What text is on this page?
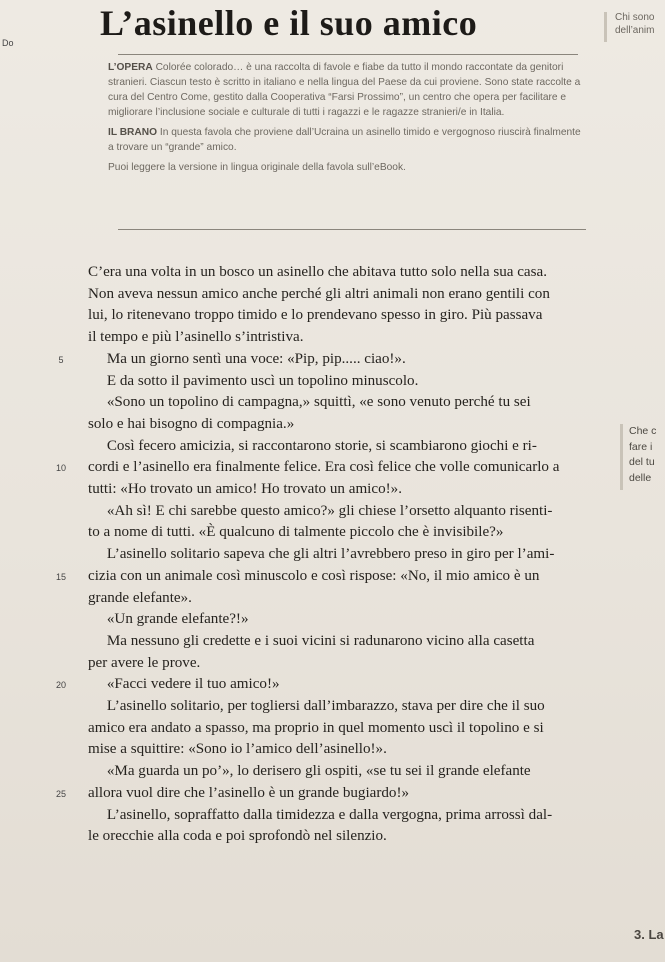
Do L’asinello e il suo amico	Chi sono
dell’anim

L’OPERA Colorée colorado… è una raccolta di favole e fiabe da tutto il mondo raccontate da genitori stranieri. Ciascun testo è scritto in italiano e nella lingua del Paese da cui proviene. Sono state raccolte a cura del Centro Come, gestito dalla Cooperativa “Farsi Prossimo”, un centro che opera per facilitare e migliorare l’inclusione sociale e culturale di tutti i ragazzi e le ragazze stranieri/e in Italia.

IL BRANO In questa favola che proviene dall’Ucraina un asinello timido e vergognoso riuscirà finalmente a trovare un “grande” amico.

Puoi leggere la versione in lingua originale della favola sull’eBook.

C’era una volta in un bosco un asinello che abitava tutto solo nella sua casa.
Non aveva nessun amico anche perché gli altri animali non erano gentili con
lui, lo ritenevano troppo timido e lo prendevano spesso in giro. Più passava
il tempo e più l’asinello s’intristiva.
5	Ma un giorno sentì una voce: «Pip, pip..... ciao!».
E da sotto il pavimento uscì un topolino minuscolo.
«Sono un topolino di campagna,» squittì, «e sono venuto perché tu sei
solo e hai bisogno di compagnia.»
Così fecero amicizia, si raccontarono storie, si scambiarono giochi e ri-
10	cordi e l’asinello era finalmente felice. Era così felice che volle comunicarlo a
tutti: «Ho trovato un amico! Ho trovato un amico!».
«Ah sì! E chi sarebbe questo amico?» gli chiese l’orsetto alquanto risenti-
to a nome di tutti. «È qualcuno di talmente piccolo che è invisibile?»
L’asinello solitario sapeva che gli altri l’avrebbero preso in giro per l’ami-
15	cizia con un animale così minuscolo e così rispose: «No, il mio amico è un
grande elefante».
«Un grande elefante?!»
Ma nessuno gli credette e i suoi vicini si radunarono vicino alla casetta
per avere le prove.
20	«Facci vedere il tuo amico!»
L’asinello solitario, per togliersi dall’imbarazzo, stava per dire che il suo
amico era andato a spasso, ma proprio in quel momento uscì il topolino e si
mise a squittire: «Sono io l’amico dell’asinello!».
«Ma guarda un po’», lo derisero gli ospiti, «se tu sei il grande elefante
25	allora vuol dire che l’asinello è un grande bugiardo!»
L’asinello, sopraffatto dalla timidezza e dalla vergogna, prima arrossì dal-
le orecchie alla coda e poi sprofondò nel silenzio.
Che c
fare i
del tu
delle
3. La
